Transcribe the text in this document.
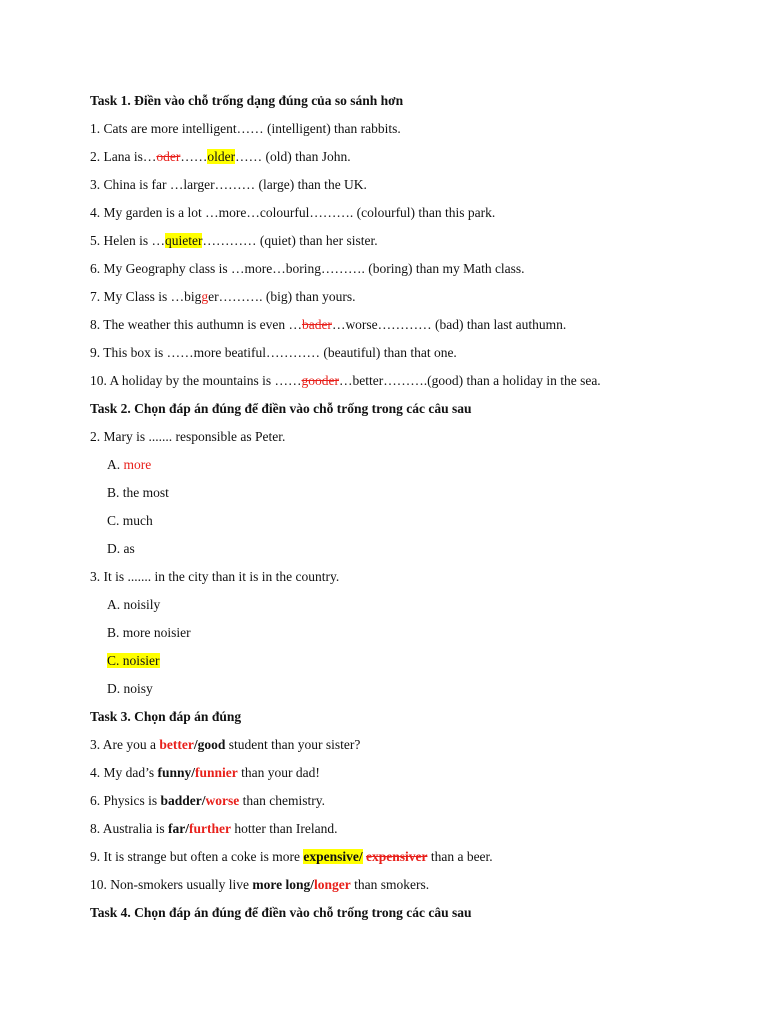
Task 1. Điền vào chỗ trống dạng đúng của so sánh hơn
1. Cats are more intelligent…… (intelligent) than rabbits.
2. Lana is…oder……older…… (old) than John.
3. China is far …larger……… (large) than the UK.
4. My garden is a lot …more…colourful………. (colourful) than this park.
5. Helen is …quieter………… (quiet) than her sister.
6. My Geography class is …more…boring………. (boring) than my Math class.
7. My Class is …bigger………. (big) than yours.
8. The weather this authumn is even …bader…worse………… (bad) than last authumn.
9. This box is ……more beatiful………… (beautiful) than that one.
10. A holiday by the mountains is ……gooder…better……….(good) than a holiday in the sea.
Task 2. Chọn đáp án đúng để điền vào chỗ trống trong các câu sau
2. Mary is ....... responsible as Peter.
A. more
B. the most
C. much
D. as
3. It is ....... in the city than it is in the country.
A. noisily
B. more noisier
C. noisier
D. noisy
Task 3. Chọn đáp án đúng
3. Are you a better/good student than your sister?
4. My dad’s funny/funnier than your dad!
6. Physics is badder/worse than chemistry.
8. Australia is far/further hotter than Ireland.
9. It is strange but often a coke is more expensive/ expensiver than a beer.
10. Non-smokers usually live more long/longer than smokers.
Task 4. Chọn đáp án đúng để điền vào chỗ trống trong các câu sau
